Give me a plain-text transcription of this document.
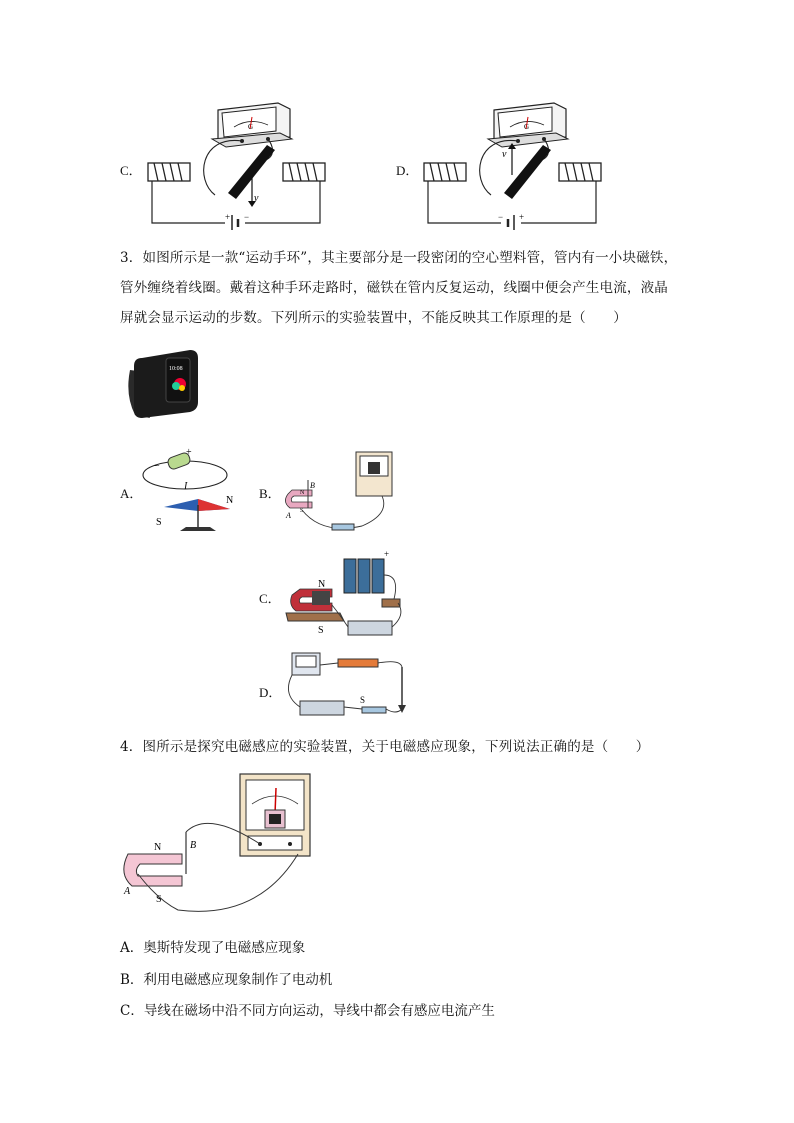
C．
+ −
G
v
D．
− +
G
v
3．如图所示是一款“运动手环”，其主要部分是一段密闭的空心塑料管，管内有一小块磁铁，管外缠绕着线圈。戴着这种手环走路时，磁铁在管内反复运动，线圈中便会产生电流，液晶屏就会显示运动的步数。下列所示的实验装置中，不能反映其工作原理的是（　　）
10:08
A．
+
−
I
N
S
B．
B
A
N
S
C．
N
S
+
D．	S
4．图所示是探究电磁感应的实验装置，关于电磁感应现象，下列说法正确的是（　　）
N
S
B
A
A．奥斯特发现了电磁感应现象
B．利用电磁感应现象制作了电动机
C．导线在磁场中沿不同方向运动，导线中都会有感应电流产生
